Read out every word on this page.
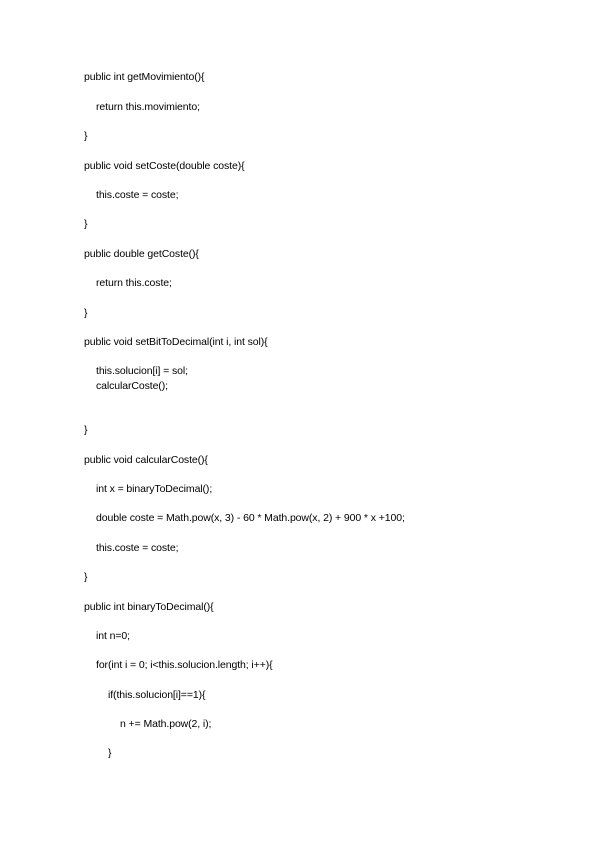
public int getMovimiento(){
return this.movimiento;
}
public void setCoste(double coste){
this.coste = coste;
}
public double getCoste(){
return this.coste;
}
public void setBitToDecimal(int i, int sol){
this.solucion[i] = sol;
calcularCoste();
}
public void calcularCoste(){
int x = binaryToDecimal();
double coste = Math.pow(x, 3) - 60 * Math.pow(x, 2) + 900 * x +100;
this.coste = coste;
}
public int binaryToDecimal(){
int n=0;
for(int i = 0; i<this.solucion.length; i++){
if(this.solucion[i]==1){
n += Math.pow(2, i);
}
